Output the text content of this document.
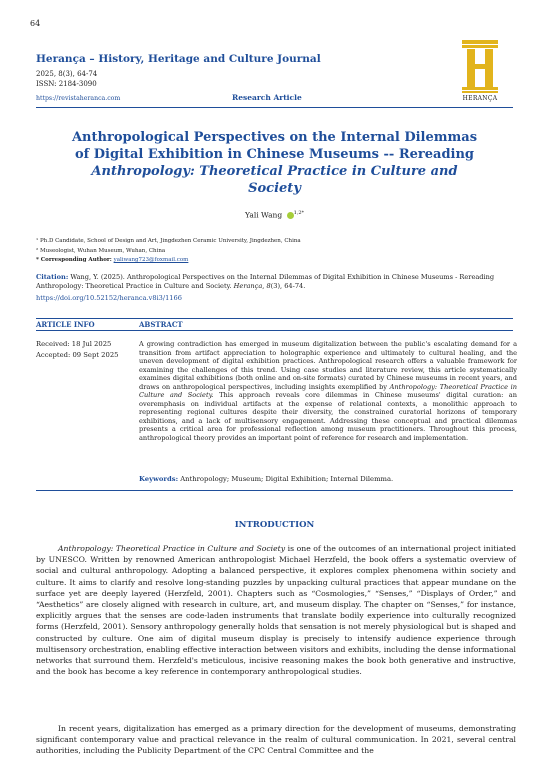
64
Herança – History, Heritage and Culture Journal
2025, 8(3), 64-74
ISSN: 2184-3090
https://revistaheranca.com	Research Article	HERANÇA
Anthropological Perspectives on the Internal Dilemmas
of Digital Exhibition in Chinese Museums -- Rereading
Anthropology: Theoretical Practice in Culture and
Society
Yali Wang $^{1,2*}$
¹ Ph.D Candidate, School of Design and Art, Jingdezhen Ceramic University, Jingdezhen, China
² Museologist, Wuhan Museum, Wuhan, China
* Corresponding Author: yaliwang723@foxmail.com
Citation: Wang, Y. (2025). Anthropological Perspectives on the Internal Dilemmas of Digital Exhibition in Chinese Museums - Rereading Anthropology: Theoretical Practice in Culture and Society. Herança, 8(3), 64-74.
https://doi.org/10.52152/heranca.v8i3/1166
ARTICLE INFO	ABSTRACT
Received: 18 Jul 2025
Accepted: 09 Sept 2025
A growing contradiction has emerged in museum digitalization between the public's escalating demand for a transition from artifact appreciation to holographic experience and ultimately to cultural healing, and the uneven development of digital exhibition practices. Anthropological research offers a valuable framework for examining the challenges of this trend. Using case studies and literature review, this article systematically examines digital exhibitions (both online and on-site formats) curated by Chinese museums in recent years, and draws on anthropological perspectives, including insights exemplified by Anthropology: Theoretical Practice in Culture and Society. This approach reveals core dilemmas in Chinese museums' digital curation: an overemphasis on individual artifacts at the expense of relational contexts, a monolithic approach to representing regional cultures despite their diversity, the constrained curatorial horizons of temporary exhibitions, and a lack of multisensory engagement. Addressing these conceptual and practical dilemmas presents a critical area for professional reflection among museum practitioners. Throughout this process, anthropological theory provides an important point of reference for research and implementation.
Keywords: Anthropology; Museum; Digital Exhibition; Internal Dilemma.
INTRODUCTION

Anthropology: Theoretical Practice in Culture and Society is one of the outcomes of an international project initiated by UNESCO. Written by renowned American anthropologist Michael Herzfeld, the book offers a systematic overview of social and cultural anthropology. Adopting a balanced perspective, it explores complex phenomena within society and culture. It aims to clarify and resolve long-standing puzzles by unpacking cultural practices that appear mundane on the surface yet are deeply layered (Herzfeld, 2001). Chapters such as “Cosmologies,” “Senses,” “Displays of Order,” and “Aesthetics” are closely aligned with research in culture, art, and museum display. The chapter on “Senses,” for instance, explicitly argues that the senses are code-laden instruments that translate bodily experience into culturally recognized forms (Herzfeld, 2001). Sensory anthropology generally holds that sensation is not merely physiological but is shaped and constructed by culture. One aim of digital museum display is precisely to intensify audience experience through multisensory orchestration, enabling effective interaction between visitors and exhibits, including the dense informational networks that surround them. Herzfeld's meticulous, incisive reasoning makes the book both generative and instructive, and the book has become a key reference in contemporary anthropological studies.

In recent years, digitalization has emerged as a primary direction for the development of museums, demonstrating significant contemporary value and practical relevance in the realm of cultural communication. In 2021, several central authorities, including the Publicity Department of the CPC Central Committee and the
